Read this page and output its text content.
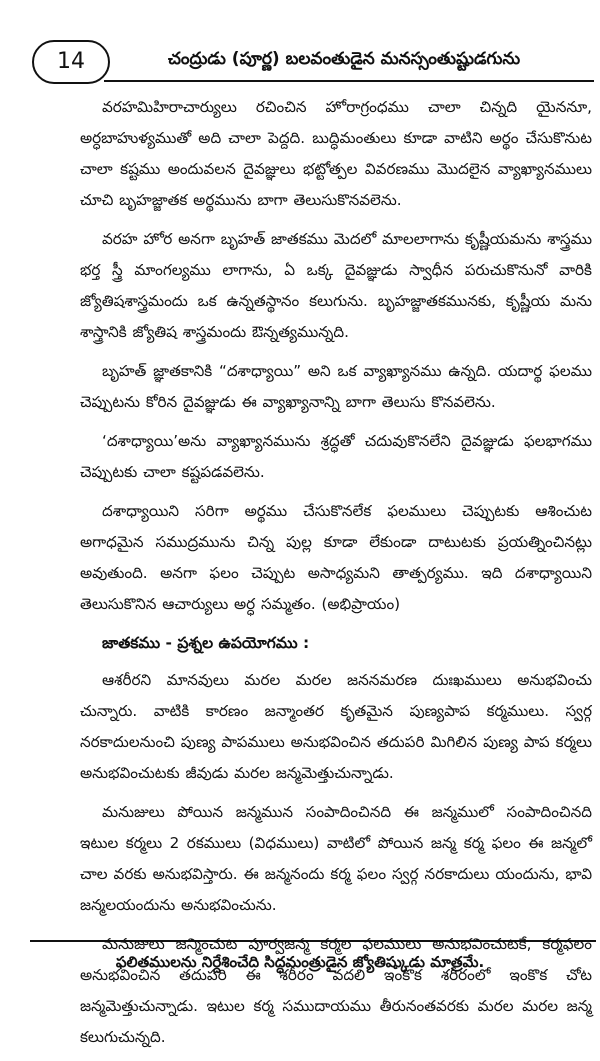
14	చంద్రుడు (పూర్ణ) బలవంతుడైన మనస్సంతుష్టుడగును

వరహమిహిరాచార్యులు రచించిన హోరాగ్రంధము చాలా చిన్నది యైననూ, అర్ధబాహుళ్యముతో అది చాలా పెద్దది. బుద్ధిమంతులు కూడా వాటిని అర్థం చేసుకొనుట చాలా కష్టము అందువలన దైవజ్ఞులు భట్టోత్పల వివరణము మొదలైన వ్యాఖ్యానములు చూచి బృహజ్జాతక అర్థమును బాగా తెలుసుకొనవలెను.

వరహ హోర అనగా బృహత్ జాతకము మెదలో మాలలాగాను కృష్ణీయమను శాస్త్రము భర్త స్త్రీ మాంగల్యము లాగాను, ఏ ఒక్క దైవజ్ఞుడు స్వాధీన పరుచుకొనునో వారికి జ్యోతిషశాస్త్రమందు ఒక ఉన్నతస్థానం కలుగును. బృహజ్జాతకమునకు, కృష్ణీయ మను శాస్త్రానికి జ్యోతిష శాస్త్రమందు ఔన్నత్యమున్నది.

బృహత్ జ్ఞాతకానికి “దశాధ్యాయి” అని ఒక వ్యాఖ్యానము ఉన్నది. యదార్థ ఫలము చెప్పుటను కోరిన దైవజ్ఞుడు ఈ వ్యాఖ్యానాన్ని బాగా తెలుసు కొనవలెను.

‘దశాధ్యాయి’అను వ్యాఖ్యానమును శ్రద్ధతో చదువుకొనలేని దైవజ్ఞుడు ఫలభాగము చెప్పుటకు చాలా కష్టపడవలెను.

దశాధ్యాయిని సరిగా అర్థము చేసుకొనలేక ఫలములు చెప్పుటకు ఆశించుట అగాధమైన సముద్రమును చిన్న పుల్ల కూడా లేకుండా దాటుటకు ప్రయత్నించినట్లు అవుతుంది. అనగా ఫలం చెప్పుట అసాధ్యమని తాత్పర్యము. ఇది దశాధ్యాయిని తెలుసుకొనిన ఆచార్యులు అర్ధ సమ్మతం. (అభిప్రాయం)

జాతకము - ప్రశ్నల ఉపయోగము :

ఆశరీరని మానవులు మరల మరల జననమరణ దుఃఖములు అనుభవించు చున్నారు. వాటికి కారణం జన్మాంతర కృతమైన పుణ్యపాప కర్మములు. స్వర్గ నరకాదులనుంచి పుణ్య పాపములు అనుభవించిన తదుపరి మిగిలిన పుణ్య పాప కర్మలు అనుభవించుటకు జీవుడు మరల జన్మమెత్తుచున్నాడు.

మనుజులు పోయిన జన్మమున సంపాదించినది ఈ జన్మములో సంపాదించినది ఇటుల కర్మలు 2 రకములు (విధములు) వాటిలో పోయిన జన్మ కర్మ ఫలం ఈ జన్మలో చాల వరకు అనుభవిస్తారు. ఈ జన్మనందు కర్మ ఫలం స్వర్గ నరకాదులు యందును, భావి జన్మలయందును అనుభవించును.

మనుజులు జన్మించుట పూర్వజన్మ కర్మల ఫలములు అనుభవించుటకే, కర్మఫలం అనుభవించిన తదుపరి ఈ శరీరం వదలి ఇంకొక శరీరంలో ఇంకొక చోట జన్మమెత్తుచున్నాడు. ఇటుల కర్మ సముదాయము తీరునంతవరకు మరల మరల జన్మ కలుగుచున్నది.

ఫలితములను నిర్దేశించేది సిద్ధమంత్రుడైన జ్యోతిష్కుడు మాత్రమే.
